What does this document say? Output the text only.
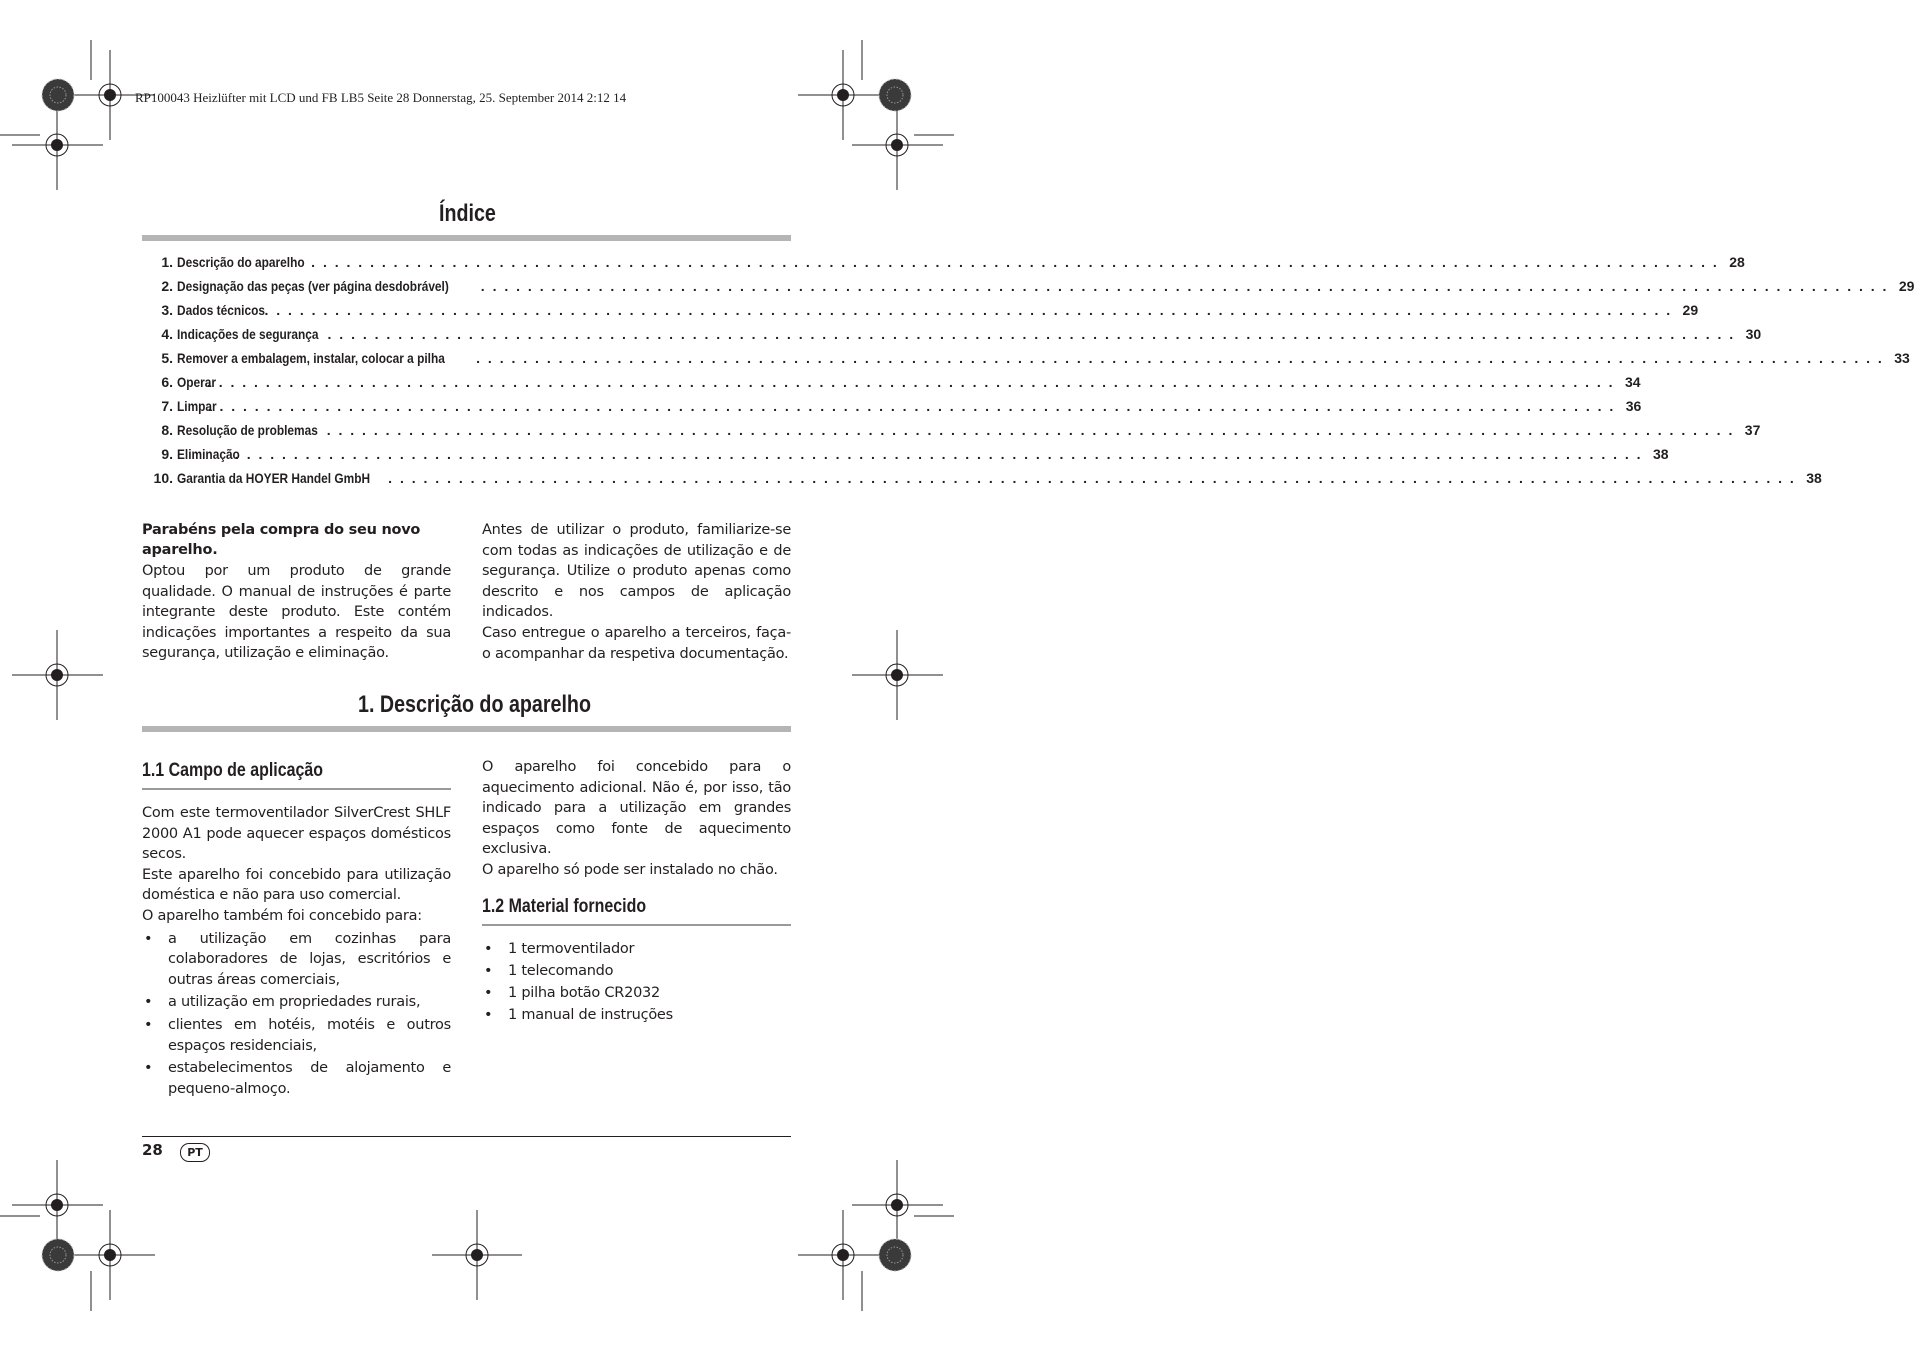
RP100043 Heizlüfter mit LCD und FB LB5 Seite 28 Donnerstag, 25. September 2014 2:12 14
Índice
1. Descrição do aparelho . . . . . . . . . . . . . . . . . . . . . . . . . . . . . . . . . . . . . . . . . . . . . . . . . . . . . . . . . . . . . . . . . . . . . . . . . . . . . . . . . . . . . . . . . . . . . . . . . . . . . . . . . . . . . . . . . . . . . . . . 28
2. Designação das peças (ver página desdobrável) . . . . . . . . . . . . . . . . . . . . . . . . . . . . . . . . . . . . . . . . . . . . . . . . . . . . . . . . . . . . . . . . . . . . . . . . . . . . . . . . . . . . . . . . . . . . . . . . . . . . . . . . . . . . . . . . . . . . . . . . 29
3. Dados técnicos . . . . . . . . . . . . . . . . . . . . . . . . . . . . . . . . . . . . . . . . . . . . . . . . . . . . . . . . . . . . . . . . . . . . . . . . . . . . . . . . . . . . . . . . . . . . . . . . . . . . . . . . . . . . . . . . . . . . . . . . 29
4. Indicações de segurança . . . . . . . . . . . . . . . . . . . . . . . . . . . . . . . . . . . . . . . . . . . . . . . . . . . . . . . . . . . . . . . . . . . . . . . . . . . . . . . . . . . . . . . . . . . . . . . . . . . . . . . . . . . . . . . . . . . . . . . . 30
5. Remover a embalagem, instalar, colocar a pilha . . . . . . . . . . . . . . . . . . . . . . . . . . . . . . . . . . . . . . . . . . . . . . . . . . . . . . . . . . . . . . . . . . . . . . . . . . . . . . . . . . . . . . . . . . . . . . . . . . . . . . . . . . . . . . . . . . . . . . . . 33
6. Operar
. . . . . . . . . . . . . . . . . . . . . . . . . . . . . . . . . . . . . . . . . . . . . . . . . . . . . . . . . . . . . . . . . . . . . . . . . . . . . . . . . . . . . . . . . . . . . . . . . . . . . . . . . . . . . . . . . . . . . . . . 34
7. Limpar
. . . . . . . . . . . . . . . . . . . . . . . . . . . . . . . . . . . . . . . . . . . . . . . . . . . . . . . . . . . . . . . . . . . . . . . . . . . . . . . . . . . . . . . . . . . . . . . . . . . . . . . . . . . . . . . . . . . . . . . . 36
8. Resolução de problemas . . . . . . . . . . . . . . . . . . . . . . . . . . . . . . . . . . . . . . . . . . . . . . . . . . . . . . . . . . . . . . . . . . . . . . . . . . . . . . . . . . . . . . . . . . . . . . . . . . . . . . . . . . . . . . . . . . . . . . . . 37
9. Eliminação
. . . . . . . . . . . . . . . . . . . . . . . . . . . . . . . . . . . . . . . . . . . . . . . . . . . . . . . . . . . . . . . . . . . . . . . . . . . . . . . . . . . . . . . . . . . . . . . . . . . . . . . . . . . . . . . . . . . . . . . . 38
10. Garantia da HOYER Handel GmbH . . . . . . . . . . . . . . . . . . . . . . . . . . . . . . . . . . . . . . . . . . . . . . . . . . . . . . . . . . . . . . . . . . . . . . . . . . . . . . . . . . . . . . . . . . . . . . . . . . . . . . . . . . . . . . . . . . . . . . . . 38
Parabéns pela compra do seu novo aparelho.

Optou por um produto de grande qualidade. O manual de instruções é parte integrante deste produto. Este contém indicações importantes a respeito da sua segurança, utilização e eliminação.

Antes de utilizar o produto, familiarize-se com todas as indicações de utilização e de segurança. Utilize o produto apenas como descrito e nos campos de aplicação indicados.

Caso entregue o aparelho a terceiros, faça-o acompanhar da respetiva documentação.

1. Descrição do aparelho
1.1 Campo de aplicação

Com este termoventilador SilverCrest SHLF 2000 A1 pode aquecer espaços domésticos secos.

Este aparelho foi concebido para utilização doméstica e não para uso comercial.

O aparelho também foi concebido para:

• a utilização em cozinhas para colaboradores de lojas, escritórios e outras áreas comerciais,
• a utilização em propriedades rurais,
• clientes em hotéis, motéis e outros espaços residenciais,
• estabelecimentos de alojamento e pequeno-almoço.

O aparelho foi concebido para o aquecimento adicional. Não é, por isso, tão indicado para a utilização em grandes espaços como fonte de aquecimento exclusiva.

O aparelho só pode ser instalado no chão.

1.2 Material fornecido
• 1 termoventilador
• 1 telecomando
• 1 pilha botão CR2032
• 1 manual de instruções
28	PT
